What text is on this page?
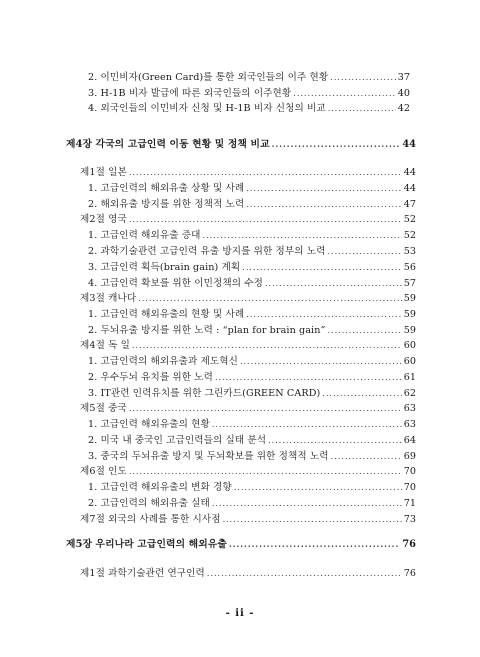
2. 이민비자(Green Card)를 통한 외국인들의 이주 현황 .....	37
3. H-1B 비자 발급에 따른 외국인들의 이주현황 .....	40
4. 외국인들의 이민비자 신청 및 H-1B 비자 신청의 비교 .....	42
제4장 각국의 고급인력 이동 현황 및 정책 비교 .....	44
제1절 일본 .....	44
1. 고급인력의 해외유출 상황 및 사례 .....	44
2. 해외유출 방지를 위한 정책적 노력 .....	47
제2절 영국 .....	52
1. 고급인력 해외유출 증대 .....	52
2. 과학기술관련 고급인력 유출 방지를 위한 정부의 노력 .....	53
3. 고급인력 획득(brain gain) 계획 .....	56
4. 고급인력 확보를 위한 이민정책의 수정 .....	57
제3절 캐나다 .....	59
1. 고급인력 해외유출의 현황 및 사례 .....	59
2. 두뇌유출 방지를 위한 노력 : “plan for brain gain” .....	59
제4절 독 일 .....	60
1. 고급인력의 해외유출과 제도혁신 .....	60
2. 우수두뇌 유치를 위한 노력 .....	61
3. IT관련 인력유치를 위한 그린카드(GREEN CARD) .....	62
제5절 중국 .....	63
1. 고급인력 해외유출의 현황 .....	63
2. 미국 내 중국인 고급인력들의 실태 분석 .....	64
3. 중국의 두뇌유출 방지 및 두뇌확보를 위한 정책적 노력 .....	69
제6절 인도 .....	70
1. 고급인력 해외유출의 변화 경향 .....	70
2. 고급인력의 해외유출 실태 .....	71
제7절 외국의 사례를 통한 시사점 .....	73
제5장 우리나라 고급인력의 해외유출 .....	76
제1절 과학기술관련 연구인력 .....	76
- ii -
